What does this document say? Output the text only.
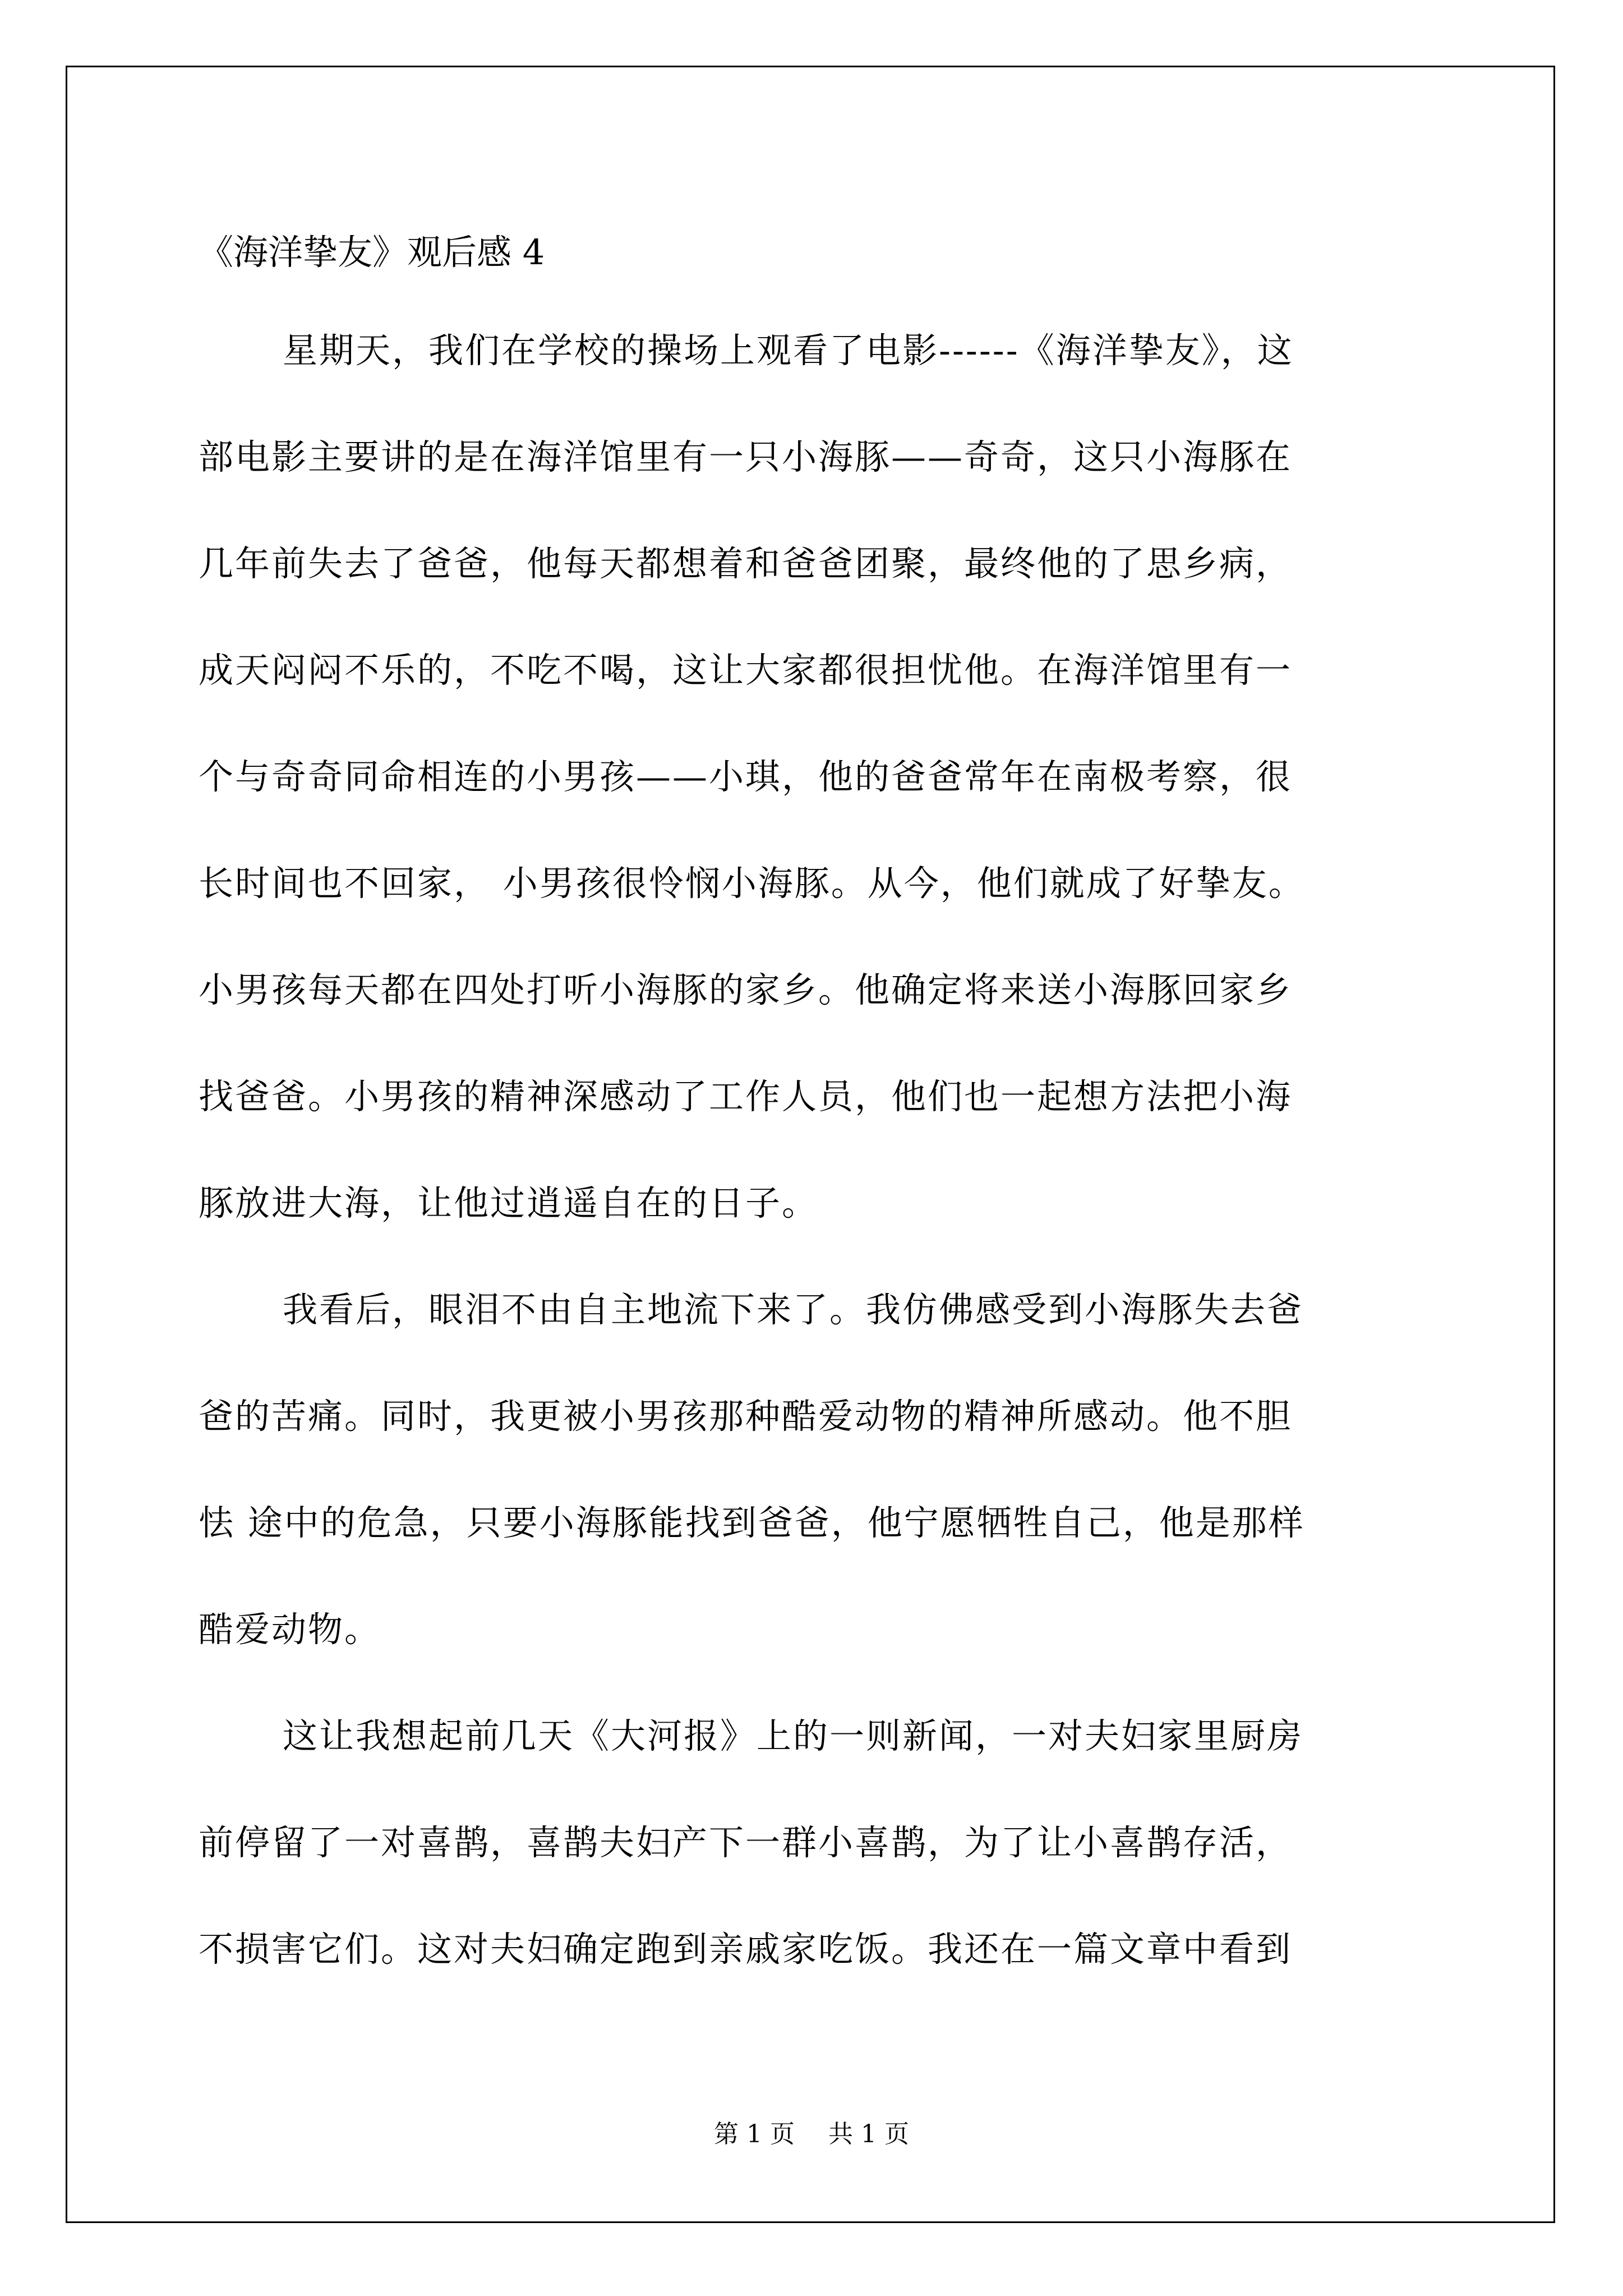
《海洋挚友》观后感 4
星期天，我们在学校的操场上观看了电影------《海洋挚友》，这
部电影主要讲的是在海洋馆里有一只小海豚——奇奇，这只小海豚在
几年前失去了爸爸，他每天都想着和爸爸团聚，最终他的了思乡病，
成天闷闷不乐的，不吃不喝，这让大家都很担忧他。在海洋馆里有一
个与奇奇同命相连的小男孩——小琪，他的爸爸常年在南极考察，很
长时间也不回家， 小男孩很怜悯小海豚。从今，他们就成了好挚友。
小男孩每天都在四处打听小海豚的家乡。他确定将来送小海豚回家乡
找爸爸。小男孩的精神深感动了工作人员，他们也一起想方法把小海
豚放进大海，让他过逍遥自在的日子。
我看后，眼泪不由自主地流下来了。我仿佛感受到小海豚失去爸
爸的苦痛。同时，我更被小男孩那种酷爱动物的精神所感动。他不胆
怯 途中的危急，只要小海豚能找到爸爸，他宁愿牺牲自己，他是那样
酷爱动物。
这让我想起前几天《大河报》上的一则新闻，一对夫妇家里厨房
前停留了一对喜鹊，喜鹊夫妇产下一群小喜鹊，为了让小喜鹊存活，
不损害它们。这对夫妇确定跑到亲戚家吃饭。我还在一篇文章中看到
第 1 页 共 1 页
